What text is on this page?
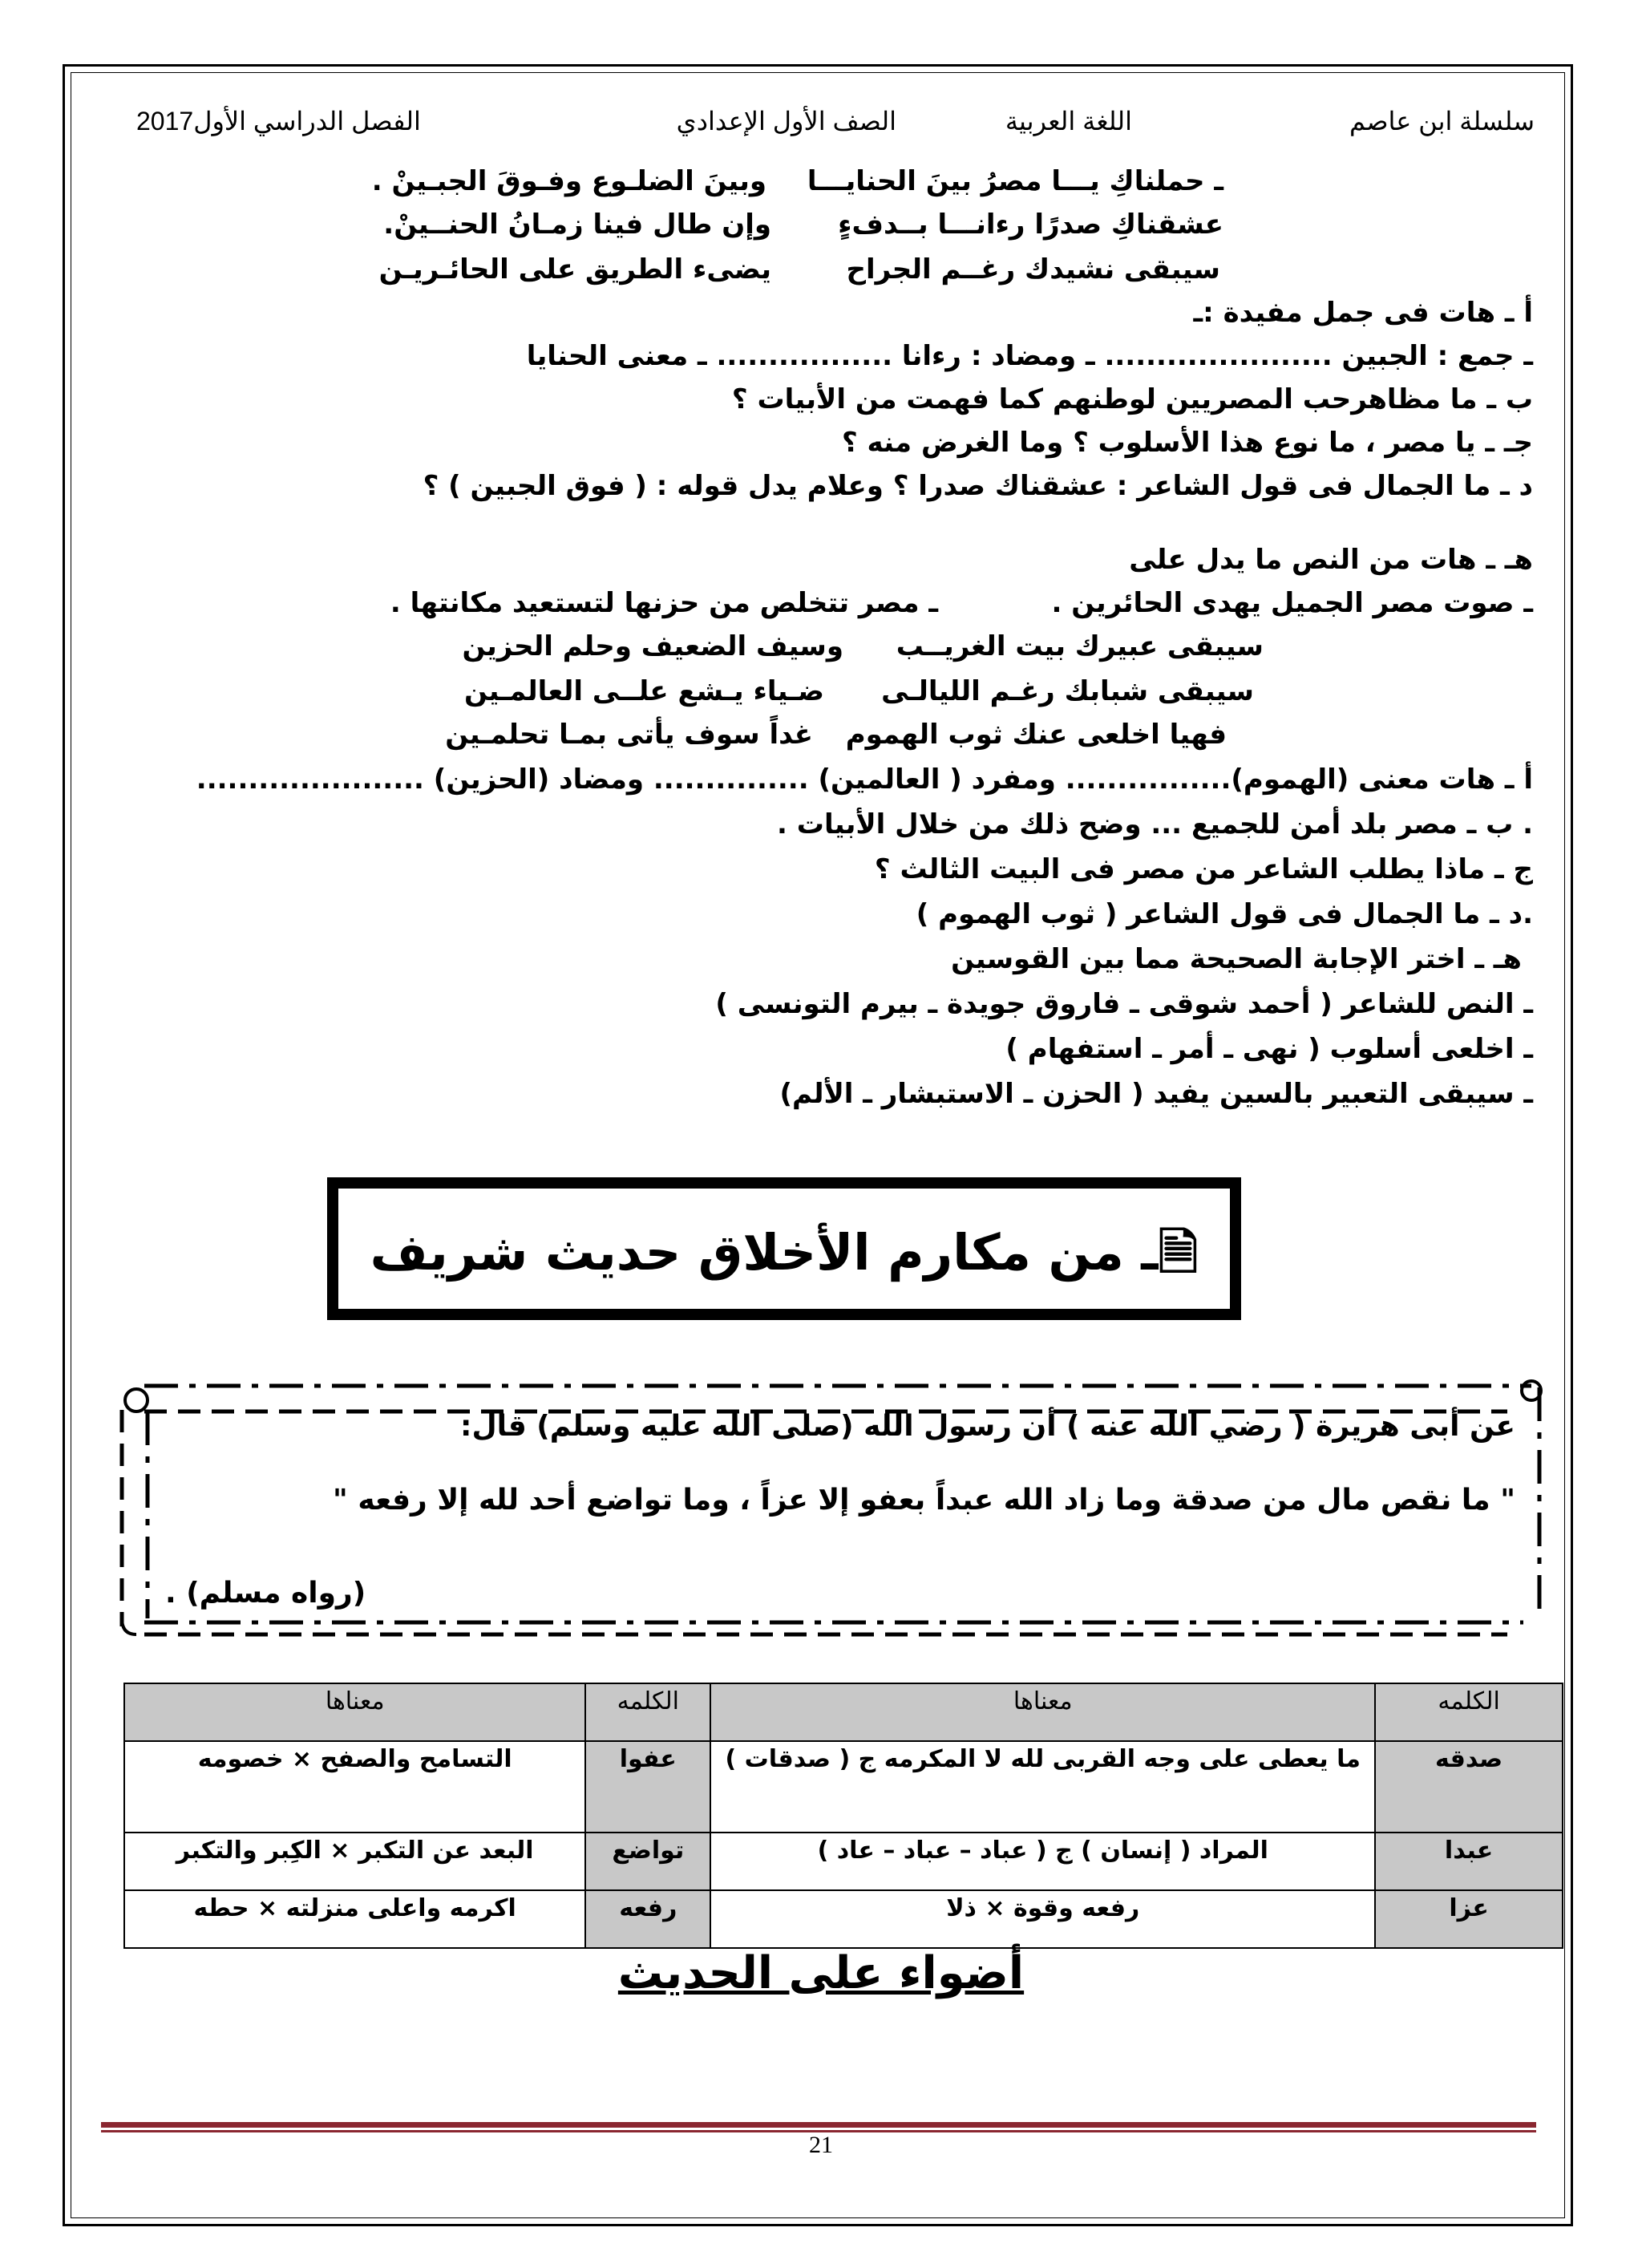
سلسلة ابن عاصم
اللغة العربية
الصف الأول الإعدادي
الفصل الدراسي الأول2017
ـ حملناكِ يـــا مصرُ بينَ الحنايـــا
وبينَ الضلـوع وفـوقَ الجبـينْ .
عشقناكِ صدرًا رءانـــا بــدفءٍ
وإن طال فينا زمـانُ الحنــينْ.
سيبقى نشيدك رغــم الجراح
يضىء الطريق على الحائـريـن
أ ـ هات فى جمل مفيدة :ـ
ـ جمع : الجبين ...................... ـ ومضاد : رءانا ................. ـ معنى الحنايا
ب ـ ما مظاهرحب المصريين لوطنهم كما فهمت من الأبيات ؟
جـ ـ يا مصر ، ما نوع هذا الأسلوب ؟ وما الغرض منه ؟
د ـ ما الجمال فى قول الشاعر : عشقناك صدرا ؟ وعلام يدل قوله : ( فوق الجبين ) ؟
هـ ـ هات من النص ما يدل على
ـ صوت مصر الجميل يهدى الحائرين .
ـ مصر تتخلص من حزنها لتستعيد مكانتها .
سيبقى عبيرك بيت الغريــب
وسيف الضعيف وحلم الحزين
سيبقى شبابك رغـم الليالـى
ضـياء يـشع علــى العالمـين
فهيا اخلعى عنك ثوب الهموم
غداً سوف يأتى بمـا تحلمـين
أ ـ هات معنى (الهموم)................ ومفرد ( العالمين) ............... ومضاد (الحزين) ......................
. ب ـ مصر بلد أمن للجميع ... وضح ذلك من خلال الأبيات .
ج ـ ماذا يطلب الشاعر من مصر فى البيت الثالث ؟
.د ـ ما الجمال فى قول الشاعر ( ثوب الهموم )
هـ ـ اختر الإجابة الصحيحة مما بين القوسين
ـ النص للشاعر ( أحمد شوقى ـ فاروق جويدة ـ بيرم التونسى )
ـ اخلعى أسلوب ( نهى ـ أمر ـ استفهام )
ـ سيبقى التعبير بالسين يفيد ( الحزن ـ الاستبشار ـ الألم)
🗎ـ من مكارم الأخلاق حديث شريف
عن أبى هريرة ( رضي الله عنه ) أن رسول الله (صلى الله عليه وسلم) قال:
" ما نقص مال من صدقة وما زاد الله عبداً بعفو إلا عزاً ، وما تواضع أحد لله إلا رفعه "
(رواه مسلم) .
الكلمه	معناها	الكلمه	معناها
صدقه	ما يعطى على وجه القربى لله لا المكرمه ج ( صدقات )	عفوا	التسامح والصفح × خصومه
عبدا	المراد ( إنسان ) ج ( عباد – عباد – عاد )	تواضع	البعد عن التكبر × الكِبر والتكبر
عزا	رفعه وقوة × ذلا	رفعه	اكرمه واعلى منزلته × حطه
أضواء على الحديث
21
